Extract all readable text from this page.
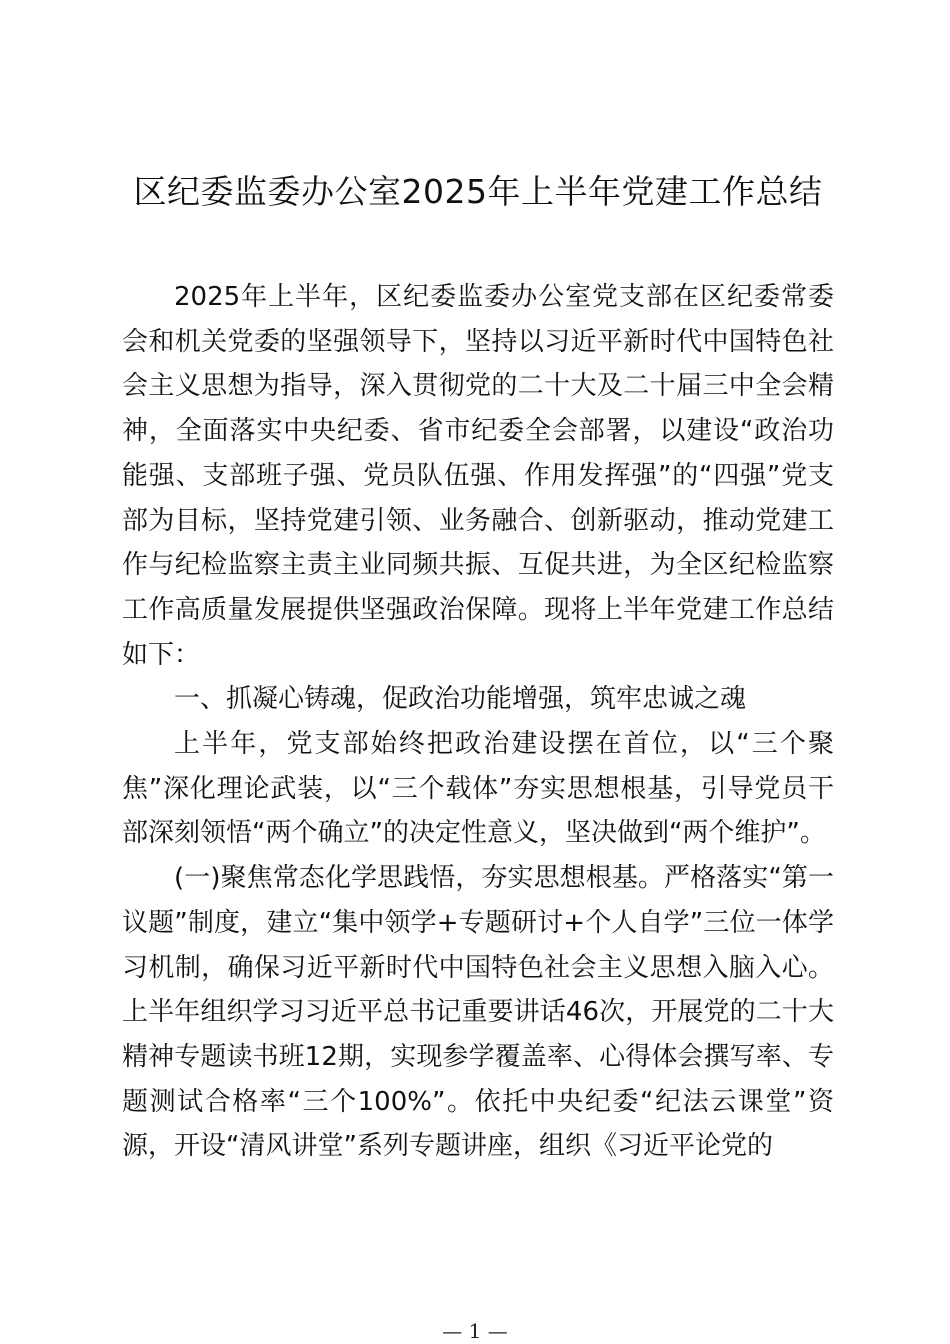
区纪委监委办公室2025年上半年党建工作总结

2025年上半年，区纪委监委办公室党支部在区纪委常委会和机关党委的坚强领导下，坚持以习近平新时代中国特色社会主义思想为指导，深入贯彻党的二十大及二十届三中全会精神，全面落实中央纪委、省市纪委全会部署，以建设“政治功能强、支部班子强、党员队伍强、作用发挥强”的“四强”党支部为目标，坚持党建引领、业务融合、创新驱动，推动党建工作与纪检监察主责主业同频共振、互促共进，为全区纪检监察工作高质量发展提供坚强政治保障。现将上半年党建工作总结如下：

一、抓凝心铸魂，促政治功能增强，筑牢忠诚之魂

上半年，党支部始终把政治建设摆在首位，以“三个聚焦”深化理论武装，以“三个载体”夯实思想根基，引导党员干部深刻领悟“两个确立”的决定性意义，坚决做到“两个维护”。

(一)聚焦常态化学思践悟，夯实思想根基。严格落实“第一议题”制度，建立“集中领学+专题研讨+个人自学”三位一体学习机制，确保习近平新时代中国特色社会主义思想入脑入心。上半年组织学习习近平总书记重要讲话46次，开展党的二十大精神专题读书班12期，实现参学覆盖率、心得体会撰写率、专题测试合格率“三个100%”。依托中央纪委“纪法云课堂”资源，开设“清风讲堂”系列专题讲座，组织《习近平论党的

— 1 —
